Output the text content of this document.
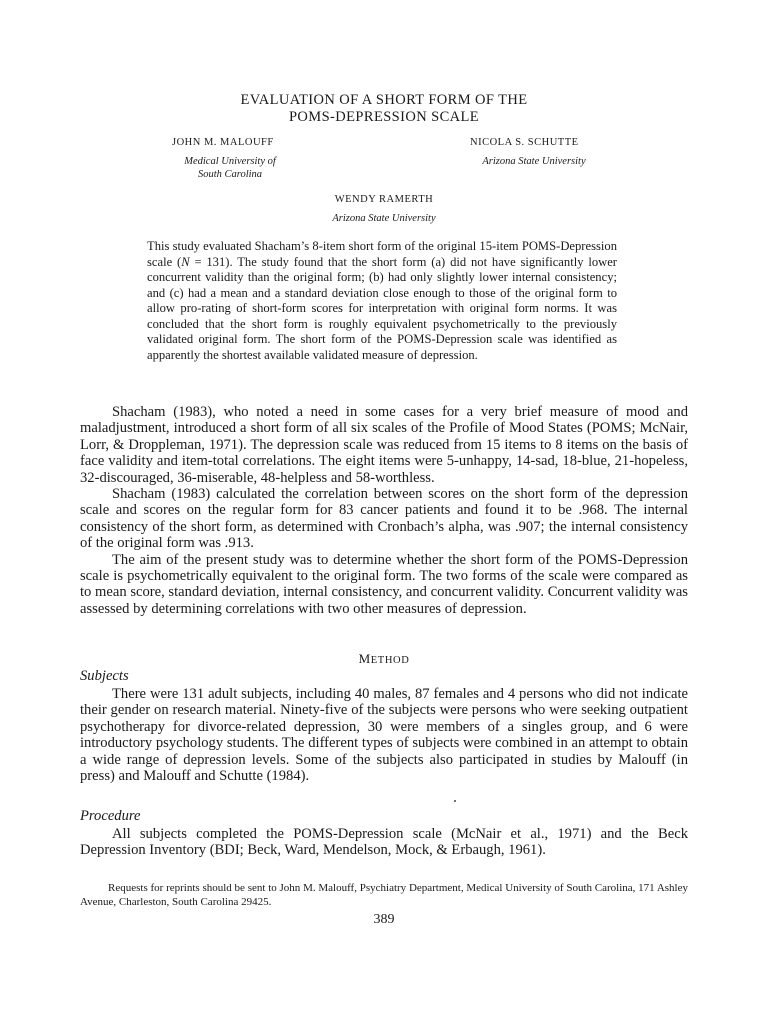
EVALUATION OF A SHORT FORM OF THE
POMS-DEPRESSION SCALE
JOHN M. MALOUFF
Medical University of
South Carolina
NICOLA S. SCHUTTE
Arizona State University
WENDY RAMERTH
Arizona State University

This study evaluated Shacham’s 8-item short form of the original 15-item POMS-Depression scale (N = 131). The study found that the short form (a) did not have significantly lower concurrent validity than the original form; (b) had only slightly lower internal consistency; and (c) had a mean and a standard deviation close enough to those of the original form to allow pro-rating of short-form scores for interpretation with original form norms. It was concluded that the short form is roughly equivalent psychometrically to the previously validated original form. The short form of the POMS-Depression scale was identified as apparently the shortest available validated measure of depression.

Shacham (1983), who noted a need in some cases for a very brief measure of mood and maladjustment, introduced a short form of all six scales of the Profile of Mood States (POMS; McNair, Lorr, & Droppleman, 1971). The depression scale was reduced from 15 items to 8 items on the basis of face validity and item-total correlations. The eight items were 5-unhappy, 14-sad, 18-blue, 21-hopeless, 32-discouraged, 36-miserable, 48-helpless and 58-worthless.

Shacham (1983) calculated the correlation between scores on the short form of the depression scale and scores on the regular form for 83 cancer patients and found it to be .968. The internal consistency of the short form, as determined with Cronbach’s alpha, was .907; the internal consistency of the original form was .913.

The aim of the present study was to determine whether the short form of the POMS-Depression scale is psychometrically equivalent to the original form. The two forms of the scale were compared as to mean score, standard deviation, internal consistency, and concurrent validity. Concurrent validity was assessed by determining correlations with two other measures of depression.

METHOD
Subjects

There were 131 adult subjects, including 40 males, 87 females and 4 persons who did not indicate their gender on research material. Ninety-five of the subjects were persons who were seeking outpatient psychotherapy for divorce-related depression, 30 were members of a singles group, and 6 were introductory psychology students. The different types of subjects were combined in an attempt to obtain a wide range of depression levels. Some of the subjects also participated in studies by Malouff (in press) and Malouff and Schutte (1984).

Procedure

All subjects completed the POMS-Depression scale (McNair et al., 1971) and the Beck Depression Inventory (BDI; Beck, Ward, Mendelson, Mock, & Erbaugh, 1961).

Requests for reprints should be sent to John M. Malouff, Psychiatry Department, Medical University of South Carolina, 171 Ashley Avenue, Charleston, South Carolina 29425.

389
